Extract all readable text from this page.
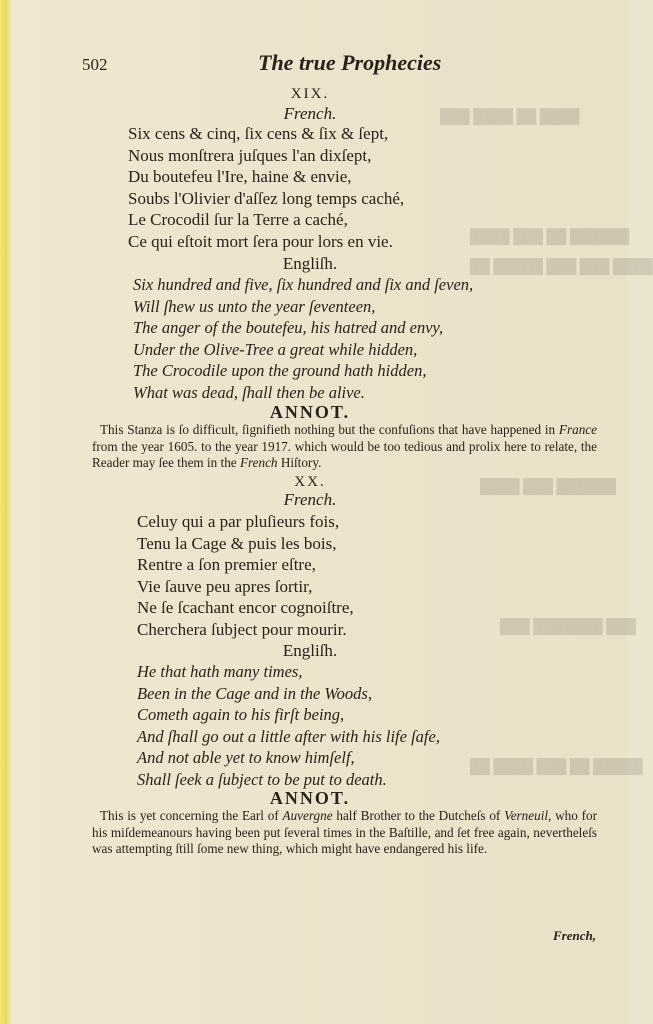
████ ██ ████ ███
██████ ██ ███ ████
████ ███ ███ █████ ██
██████ ███ ████
███ ███████ ███
█████ ██ ███ ████ ██
502	The true Prophecies
XIX.
French.
Six cens & cinq, ſix cens & ſix & ſept,
Nous monſtrera juſques l'an dixſept,
Du boutefeu l'Ire, haine & envie,
Soubs l'Olivier d'aſſez long temps caché,
Le Crocodil ſur la Terre a caché,
Ce qui eſtoit mort ſera pour lors en vie.
Engliſh.
Six hundred and five, ſix hundred and ſix and ſeven,
Will ſhew us unto the year ſeventeen,
The anger of the boutefeu, his hatred and envy,
Under the Olive-Tree a great while hidden,
The Crocodile upon the ground hath hidden,
What was dead, ſhall then be alive.
ANNOT.
This Stanza is ſo difficult, ſignifieth nothing but the confuſions that have happened in France from the year 1605. to the year 1917. which would be too tedious and prolix here to relate, the Reader may ſee them in the French Hiſtory.
XX.
French.
Celuy qui a par pluſieurs fois,
Tenu la Cage & puis les bois,
Rentre a ſon premier eſtre,
Vie ſauve peu apres ſortir,
Ne ſe ſcachant encor cognoiſtre,
Cherchera ſubject pour mourir.
Engliſh.
He that hath many times,
Been in the Cage and in the Woods,
Cometh again to his firſt being,
And ſhall go out a little after with his life ſafe,
And not able yet to know himſelf,
Shall ſeek a ſubject to be put to death.
ANNOT.
This is yet concerning the Earl of Auvergne half Brother to the Dutcheſs of Verneuil, who for his miſdemeanours having been put ſeveral times in the Baſtille, and ſet free again, nevertheleſs was attempting ſtill ſome new thing, which might have endangered his life.
French,
